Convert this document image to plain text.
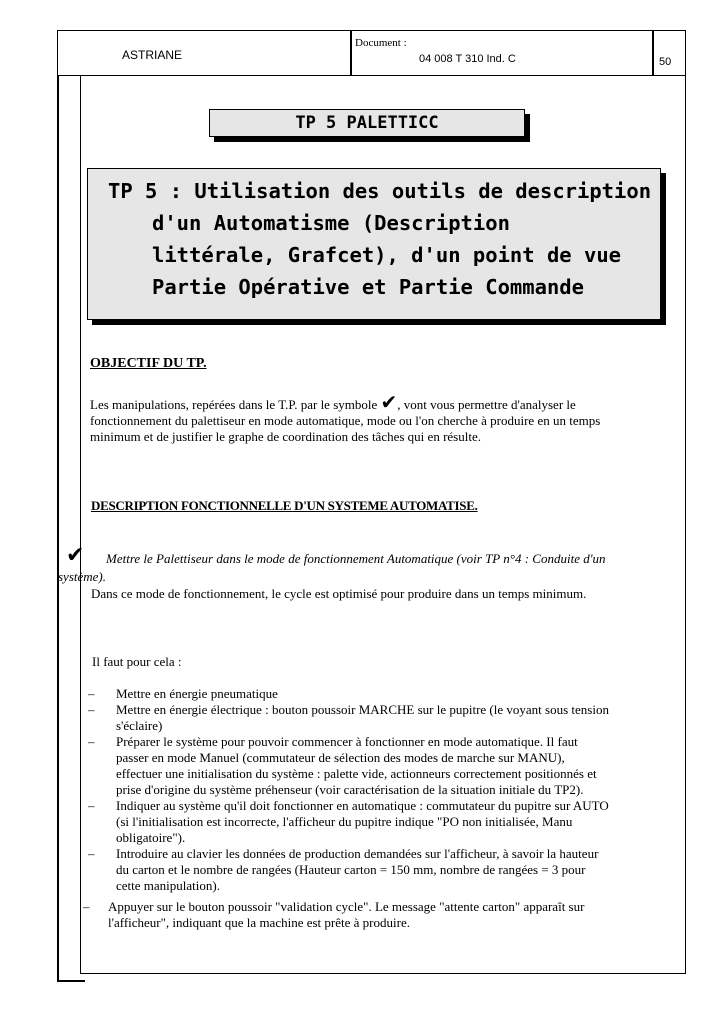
ASTRIANE
Document :
04 008 T 310 Ind. C	50
TP 5 PALETTICC
TP 5 : Utilisation des outils de description
d'un Automatisme (Description
littérale, Grafcet), d'un point de vue
Partie Opérative et Partie Commande
OBJECTIF DU TP.
Les manipulations, repérées dans le T.P. par le symbole ✔, vont vous permettre d'analyser le
fonctionnement du palettiseur en mode automatique, mode ou l'on cherche à produire en un temps
minimum et de justifier le graphe de coordination des tâches qui en résulte.
DESCRIPTION FONCTIONNELLE D'UN SYSTEME AUTOMATISE.
✔ Mettre le Palettiseur dans le mode de fonctionnement Automatique (voir TP n°4 : Conduite d'un
système).
Dans ce mode de fonctionnement, le cycle est optimisé pour produire dans un temps minimum.
Il faut pour cela :
– Mettre en énergie pneumatique
– Mettre en énergie électrique : bouton poussoir MARCHE sur le pupitre (le voyant sous tension
s'éclaire)
– Préparer le système pour pouvoir commencer à fonctionner en mode automatique. Il faut
passer en mode Manuel (commutateur de sélection des modes de marche sur MANU),
effectuer une initialisation du système : palette vide, actionneurs correctement positionnés et
prise d'origine du système préhenseur (voir caractérisation de la situation initiale du TP2).
– Indiquer au système qu'il doit fonctionner en automatique : commutateur du pupitre sur AUTO
(si l'initialisation est incorrecte, l'afficheur du pupitre indique "PO non initialisée, Manu
obligatoire").
– Introduire au clavier les données de production demandées sur l'afficheur, à savoir la hauteur
du carton et le nombre de rangées (Hauteur carton = 150 mm, nombre de rangées = 3 pour
cette manipulation).
– Appuyer sur le bouton poussoir "validation cycle". Le message "attente carton" apparaît sur
l'afficheur", indiquant que la machine est prête à produire.
